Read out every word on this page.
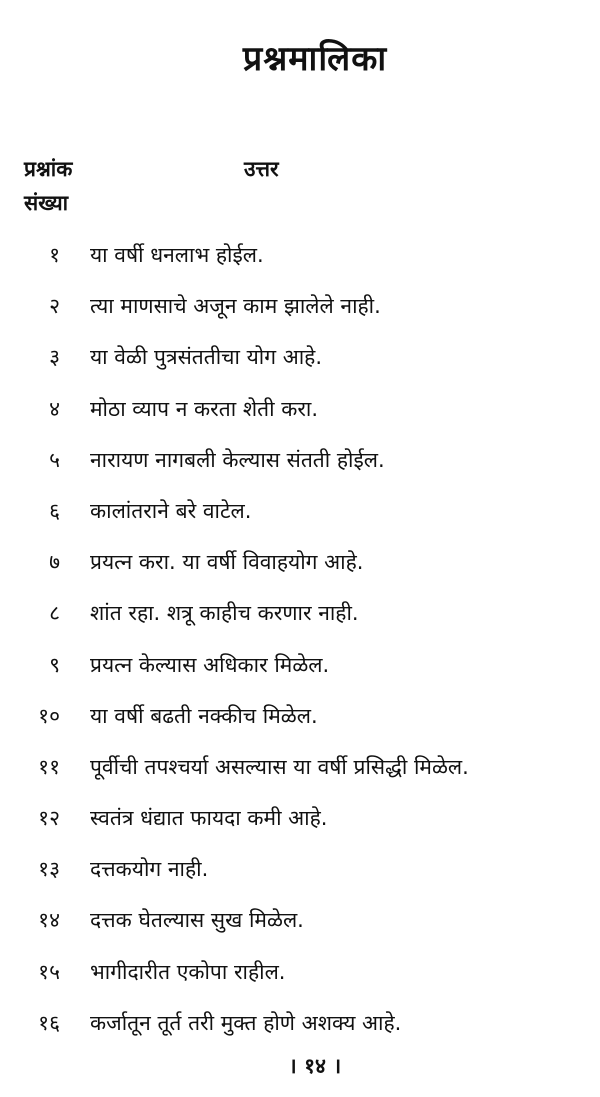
प्रश्नमालिका
प्रश्नांक
संख्या
उत्तर
१ या वर्षी धनलाभ होईल.
२ त्या माणसाचे अजून काम झालेले नाही.
३ या वेळी पुत्रसंततीचा योग आहे.
४ मोठा व्याप न करता शेती करा.
५ नारायण नागबली केल्यास संतती होईल.
६ कालांतराने बरे वाटेल.
७ प्रयत्न करा. या वर्षी विवाहयोग आहे.
८ शांत रहा. शत्रू काहीच करणार नाही.
९ प्रयत्न केल्यास अधिकार मिळेल.
१० या वर्षी बढती नक्कीच मिळेल.
११ पूर्वीची तपश्चर्या असल्यास या वर्षी प्रसिद्धी मिळेल.
१२ स्वतंत्र धंद्यात फायदा कमी आहे.
१३ दत्तकयोग नाही.
१४ दत्तक घेतल्यास सुख मिळेल.
१५ भागीदारीत एकोपा राहील.
१६ कर्जातून तूर्त तरी मुक्त होणे अशक्य आहे.
। १४ ।
